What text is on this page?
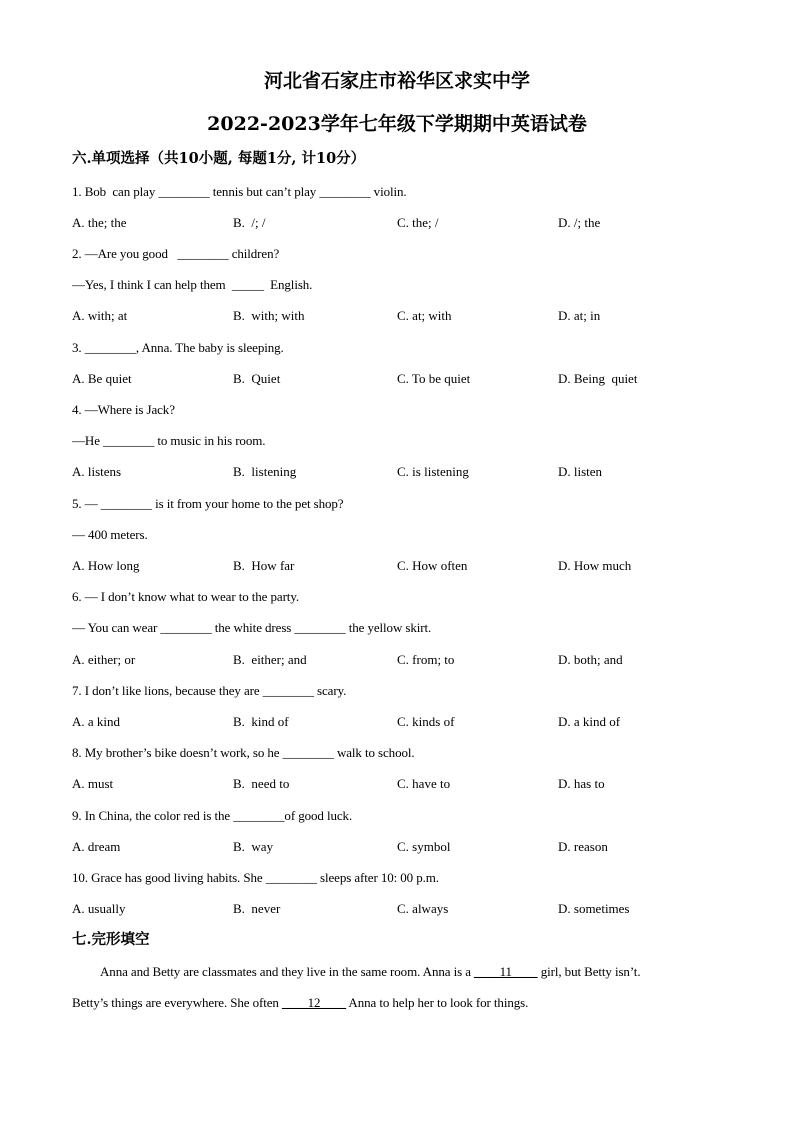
河北省石家庄市裕华区求实中学
2022-2023学年七年级下学期期中英语试卷
六.单项选择（共10小题, 每题1分, 计10分）
1. Bob  can play ________ tennis but can’t play ________ violin.
A. the; the	B.  /; /	C. the; /	D. /; the
2. —Are you good   ________ children?
—Yes, I think I can help them  _____  English.
A. with; at	B.  with; with	C. at; with	D. at; in
3. ________, Anna. The baby is sleeping.
A. Be quiet	B.  Quiet	C. To be quiet	D. Being  quiet
4. —Where is Jack?
—He ________ to music in his room.
A. listens	B.  listening	C. is listening	D. listen
5. — ________ is it from your home to the pet shop?
— 400 meters.
A. How long	B.  How far	C. How often	D. How much
6. — I don’t know what to wear to the party.
— You can wear ________ the white dress ________ the yellow skirt.
A. either; or	B.  either; and	C. from; to	D. both; and
7. I don’t like lions, because they are ________ scary.
A. a kind	B.  kind of	C. kinds of	D. a kind of
8. My brother’s bike doesn’t work, so he ________ walk to school.
A. must	B.  need to	C. have to	D. has to
9. In China, the color red is the ________of good luck.
A. dream	B.  way	C. symbol	D. reason
10. Grace has good living habits. She ________ sleeps after 10: 00 p.m.
A. usually	B.  never	C. always	D. sometimes
七.完形填空
Anna and Betty are classmates and they live in the same room. Anna is a ____11____ girl, but Betty isn’t.
Betty’s things are everywhere. She often ____12____ Anna to help her to look for things.
